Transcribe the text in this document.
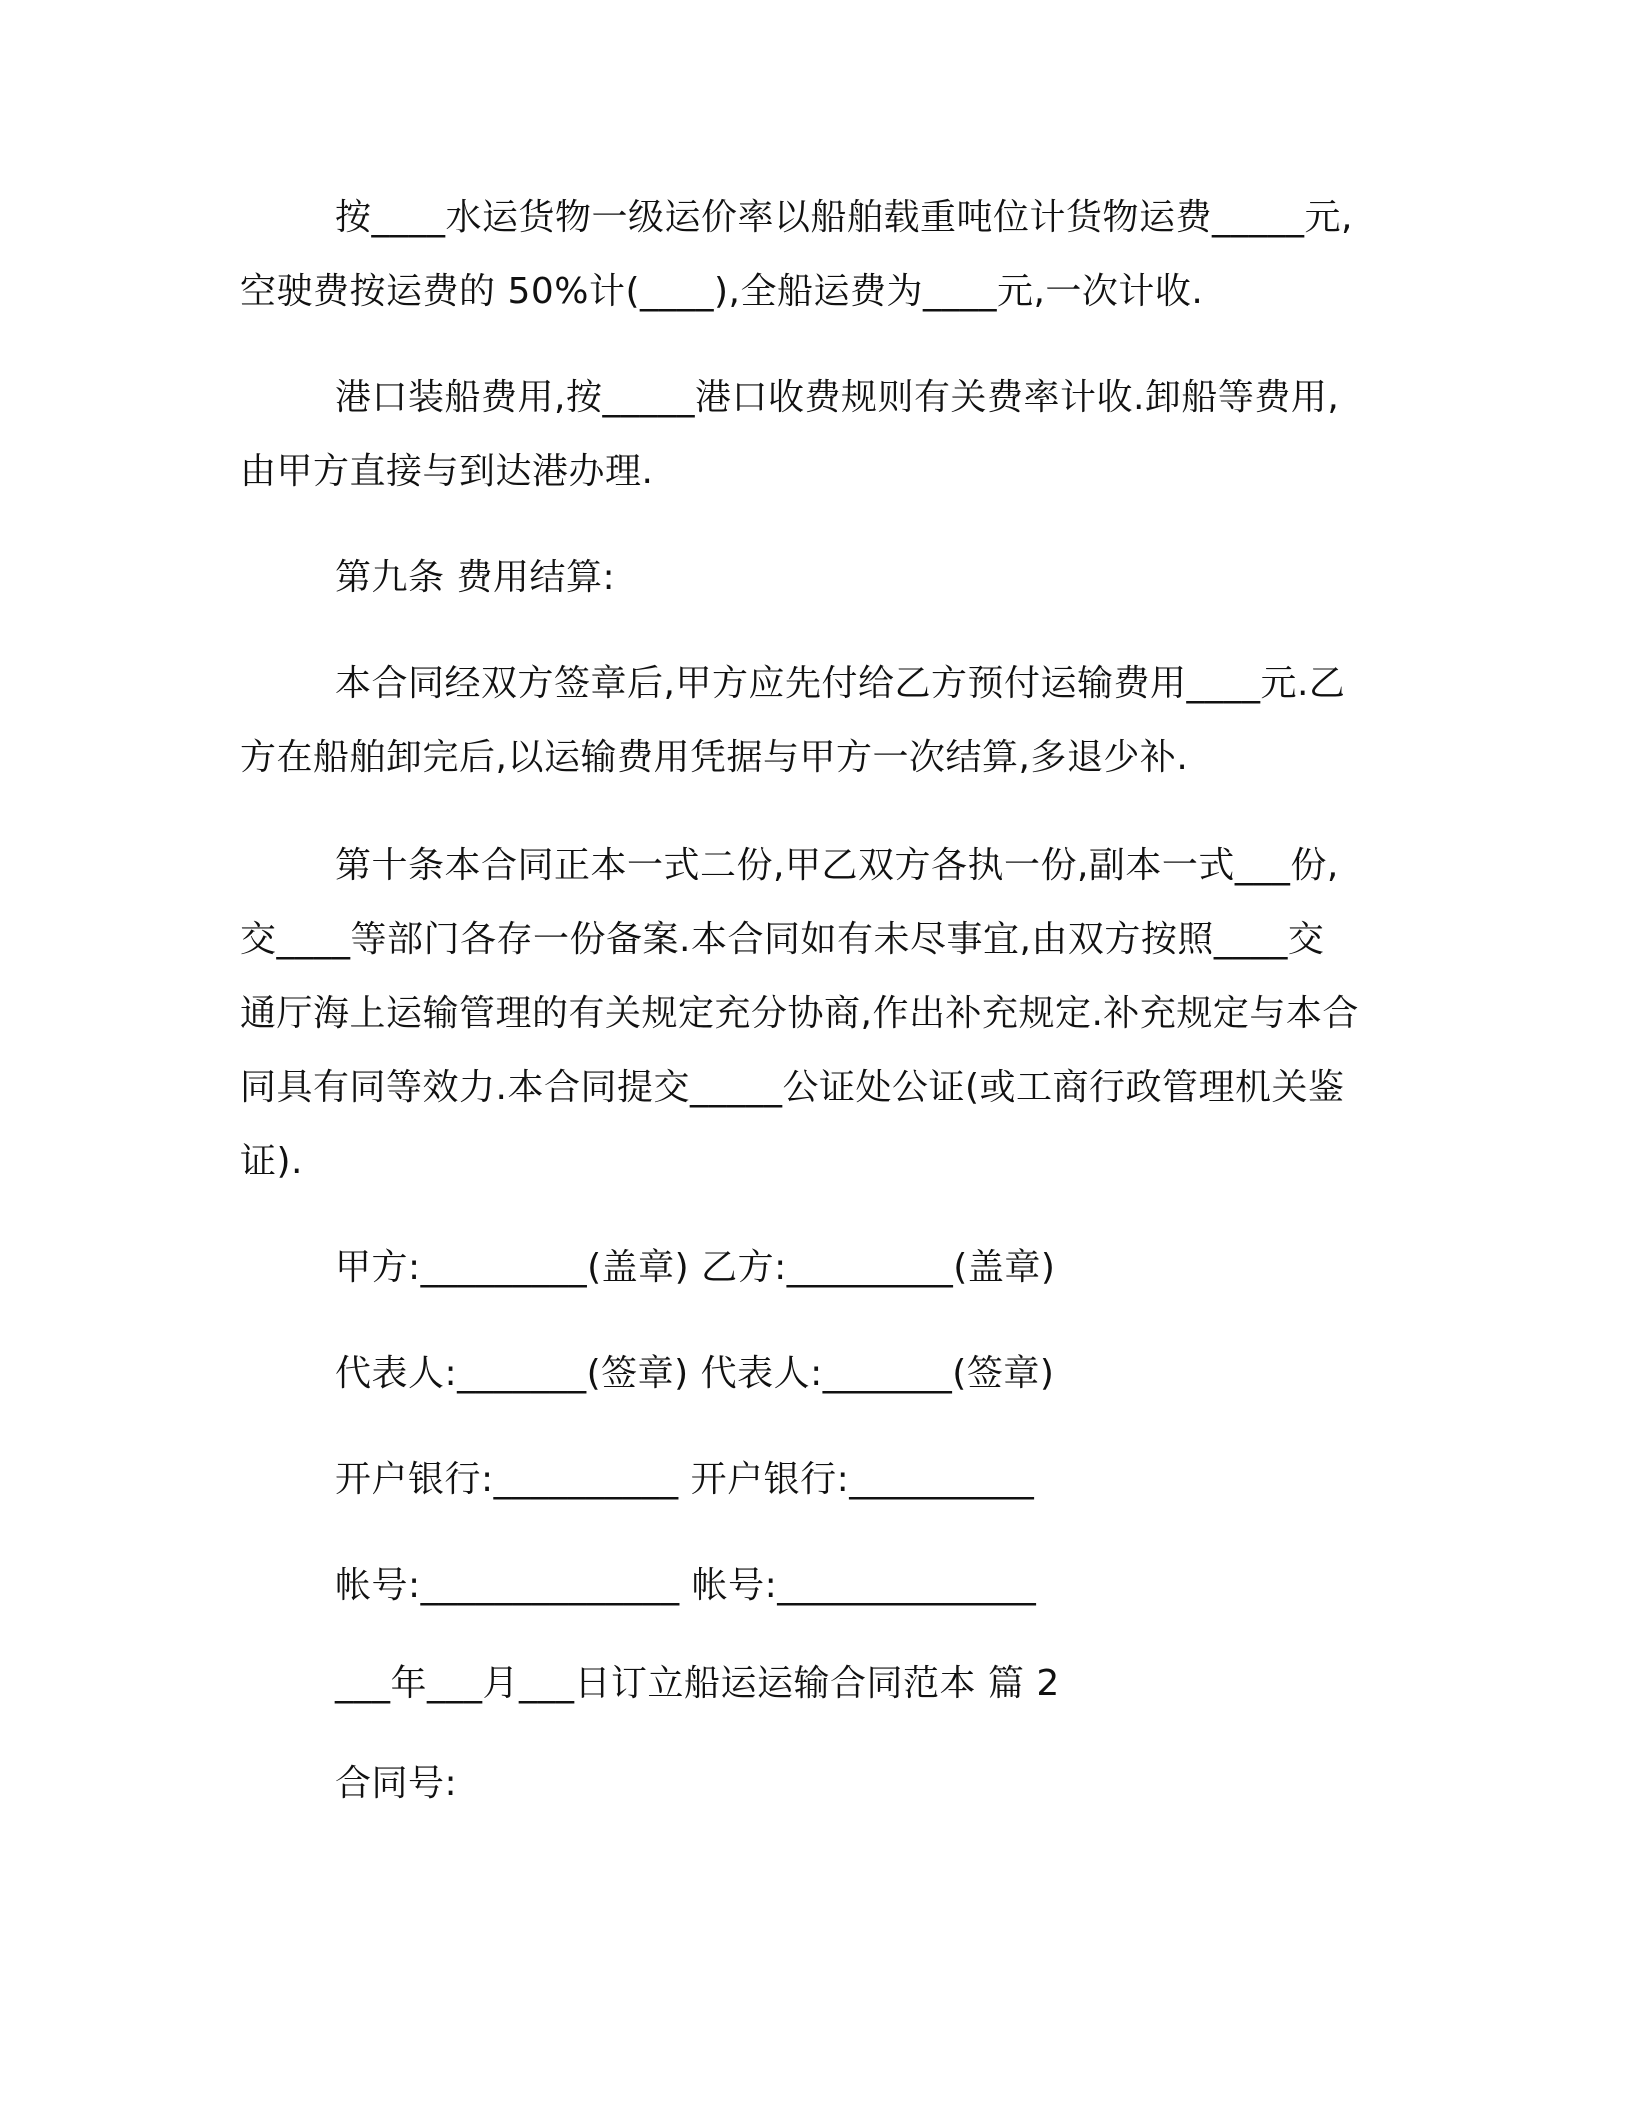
按____水运货物一级运价率以船舶载重吨位计货物运费_____元,
空驶费按运费的 50%计(____),全船运费为____元,一次计收.
港口装船费用,按_____港口收费规则有关费率计收.卸船等费用,
由甲方直接与到达港办理.
第九条 费用结算:
本合同经双方签章后,甲方应先付给乙方预付运输费用____元.乙
方在船舶卸完后,以运输费用凭据与甲方一次结算,多退少补.
第十条本合同正本一式二份,甲乙双方各执一份,副本一式___份,
交____等部门各存一份备案.本合同如有未尽事宜,由双方按照____交
通厅海上运输管理的有关规定充分协商,作出补充规定.补充规定与本合
同具有同等效力.本合同提交_____公证处公证(或工商行政管理机关鉴
证).
甲方:_________(盖章) 乙方:_________(盖章)
代表人:_______(签章) 代表人:_______(签章)
开户银行:__________ 开户银行:__________
帐号:______________ 帐号:______________
___年___月___日订立船运运输合同范本 篇 2
合同号:
